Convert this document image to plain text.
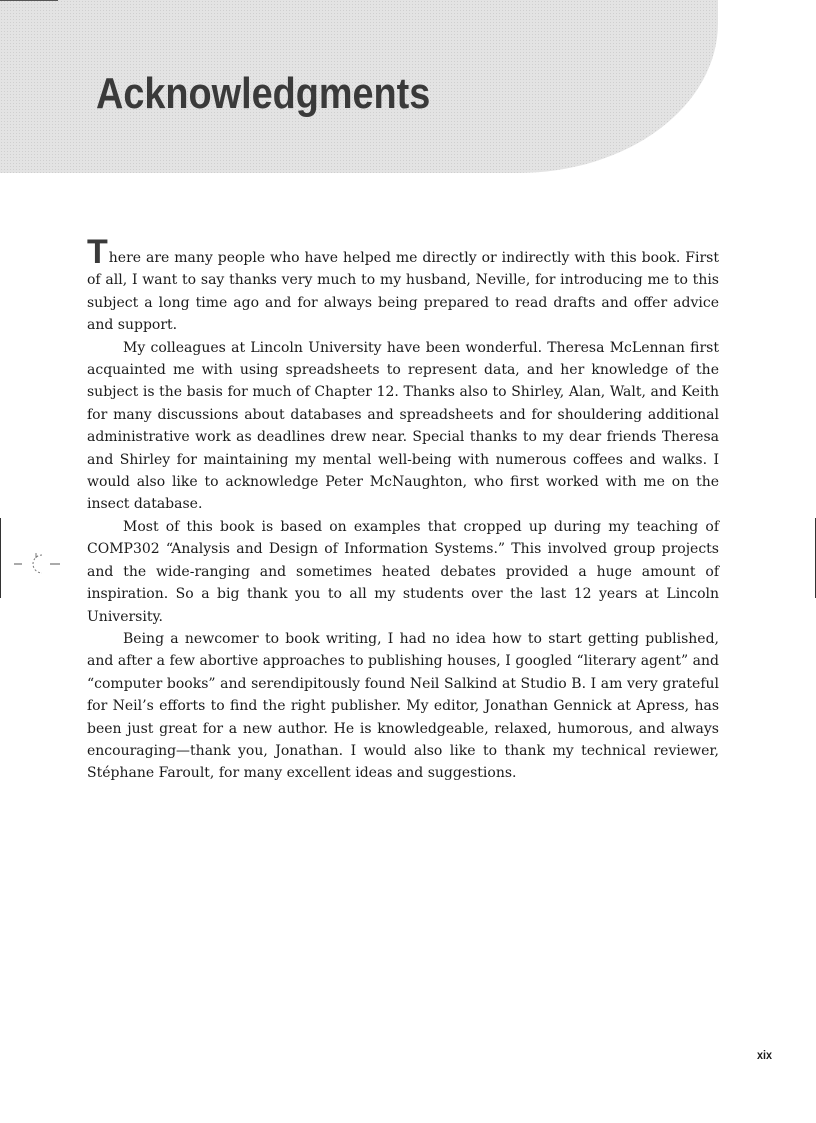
Acknowledgments

There are many people who have helped me directly or indirectly with this book. First of all, I want to say thanks very much to my husband, Neville, for introducing me to this subject a long time ago and for always being prepared to read drafts and offer advice and support.

My colleagues at Lincoln University have been wonderful. Theresa McLennan first acquainted me with using spreadsheets to represent data, and her knowledge of the subject is the basis for much of Chapter 12. Thanks also to Shirley, Alan, Walt, and Keith for many discussions about databases and spreadsheets and for shouldering additional administrative work as deadlines drew near. Special thanks to my dear friends Theresa and Shirley for maintaining my mental well-being with numerous coffees and walks. I would also like to acknowledge Peter McNaughton, who first worked with me on the insect database.

Most of this book is based on examples that cropped up during my teaching of COMP302 “Analysis and Design of Information Systems.” This involved group projects and the wide-ranging and sometimes heated debates provided a huge amount of inspiration. So a big thank you to all my students over the last 12 years at Lincoln University.

Being a newcomer to book writing, I had no idea how to start getting published, and after a few abortive approaches to publishing houses, I googled “literary agent” and “computer books” and serendipitously found Neil Salkind at Studio B. I am very grateful for Neil’s efforts to find the right publisher. My editor, Jonathan Gennick at Apress, has been just great for a new author. He is knowledgeable, relaxed, humorous, and always encouraging—thank you, Jonathan. I would also like to thank my technical reviewer, Stéphane Faroult, for many excellent ideas and suggestions.

xix
